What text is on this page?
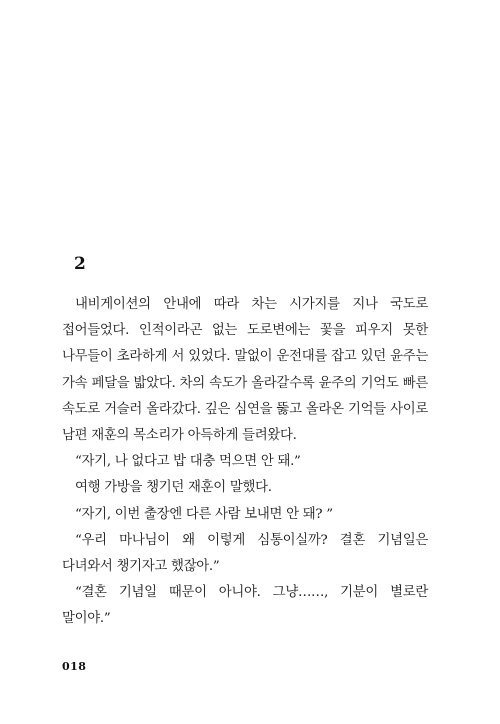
2

내비게이션의 안내에 따라 차는 시가지를 지나 국도로 접어들었다. 인적이라곤 없는 도로변에는 꽃을 피우지 못한 나무들이 초라하게 서 있었다. 말없이 운전대를 잡고 있던 윤주는 가속 페달을 밟았다. 차의 속도가 올라갈수록 윤주의 기억도 빠른 속도로 거슬러 올라갔다. 깊은 심연을 뚫고 올라온 기억들 사이로 남편 재훈의 목소리가 아득하게 들려왔다.

“자기, 나 없다고 밥 대충 먹으면 안 돼.”

여행 가방을 챙기던 재훈이 말했다.

“자기, 이번 출장엔 다른 사람 보내면 안 돼? ”

“우리 마나님이 왜 이렇게 심통이실까? 결혼 기념일은 다녀와서 챙기자고 했잖아.”

“결혼 기념일 때문이 아니야. 그냥……, 기분이 별로란 말이야.”

018
